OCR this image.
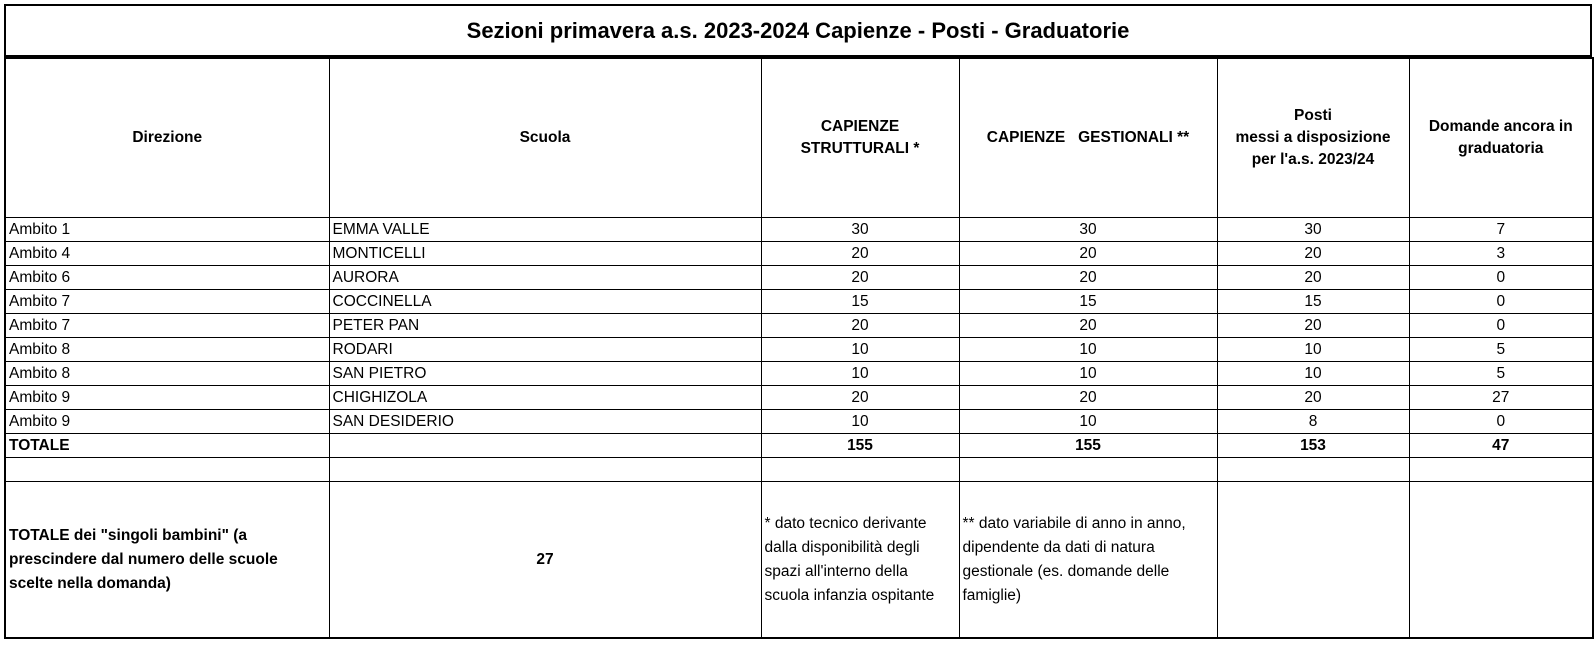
Sezioni primavera a.s. 2023-2024 Capienze - Posti - Graduatorie
Direzione	Scuola	CAPIENZE STRUTTURALI *	CAPIENZE   GESTIONALI **	Posti
messi a disposizione
per l'a.s. 2023/24	Domande ancora in graduatoria
Ambito 1	EMMA VALLE	30	30	30	7
Ambito 4	MONTICELLI	20	20	20	3
Ambito 6	AURORA	20	20	20	0
Ambito 7	COCCINELLA	15	15	15	0
Ambito 7	PETER PAN	20	20	20	0
Ambito 8	RODARI	10	10	10	5
Ambito 8	SAN PIETRO	10	10	10	5
Ambito 9	CHIGHIZOLA	20	20	20	27
Ambito 9	SAN DESIDERIO	10	10	8	0
TOTALE		155	155	153	47

TOTALE dei "singoli bambini" (a prescindere dal numero delle scuole scelte nella domanda)	27	* dato tecnico derivante dalla disponibilità degli spazi all'interno della scuola infanzia ospitante	** dato variabile di anno in anno, dipendente da dati di natura gestionale (es. domande delle famiglie)		
